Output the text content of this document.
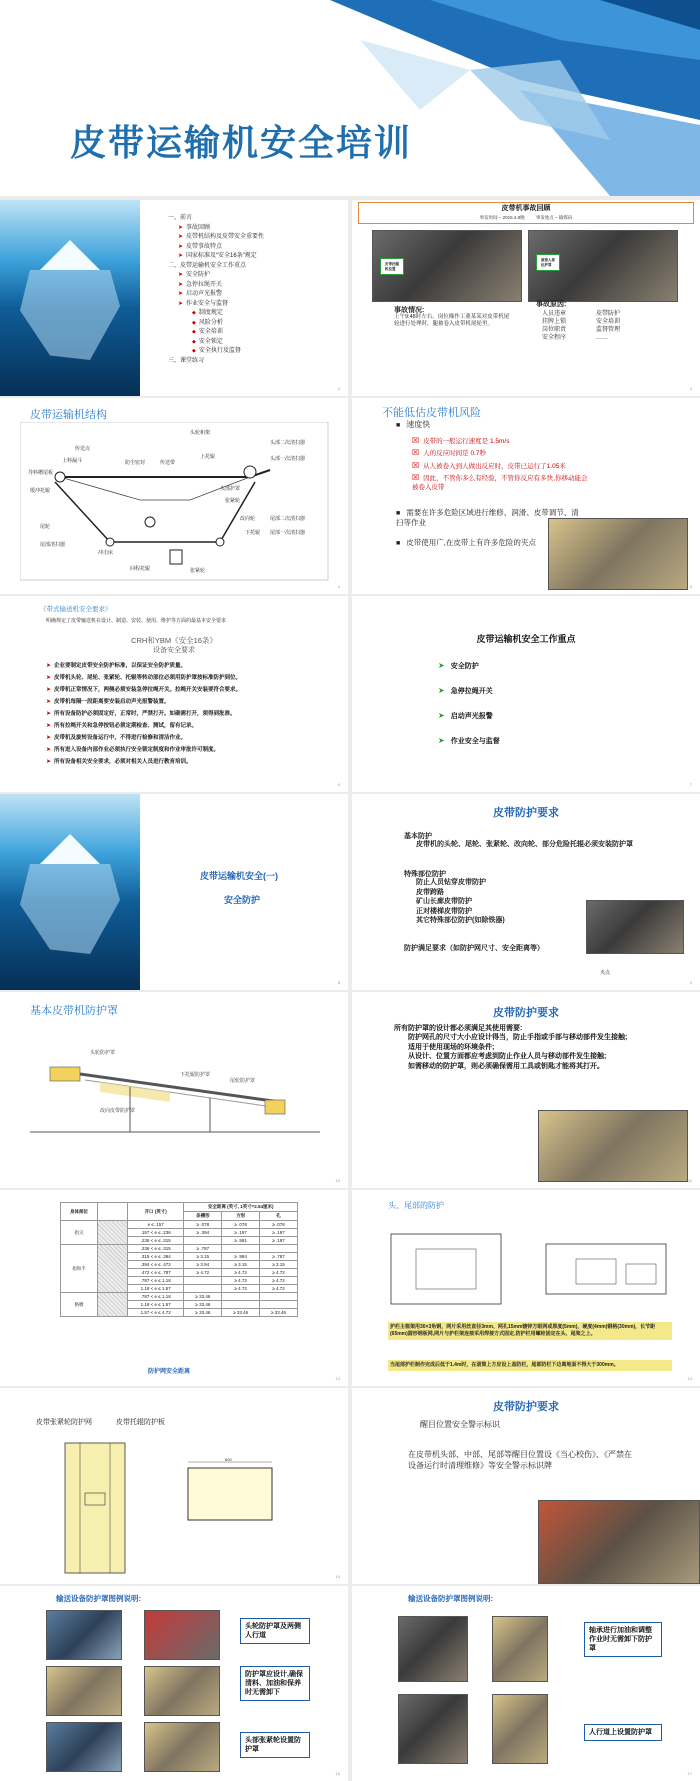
皮带运输机安全培训
一、前言
➤ 事故回顾
➤ 皮带机结构及皮带安全重要性
➤ 皮带事故特点
➤ 国家标准及“安全16条”规定
二、皮带运输机安全工作重点
➤ 安全防护
➤ 急停拉绳开关
➤ 启动声光报警
➤ 作业安全与监督
◆ 制度规定
◆ 风险分析
◆ 安全培训
◆ 安全锁定
◆ 安全执行及监督
三、课堂练习
2
皮带机事故回顾
事发时间 – 2015.4.8晚	事发地点 – 输煤码
皮带托辊机位置
被卷入部位护罩
事故情况:
上午9:48时左右，岗位操作工董某某对皮带机尾轮进行处理时，腿被卷入皮带机尾轮里。
事故原因:
人员违章
挂牌上锁
岗位职责
安全程序
皮带防护
安全培训
监督管理
……
3
皮带运输机结构
传送点
头轮和架
头部二次清扫器
头部一次清扫器
上料漏斗
导料槽尾板
缓冲托辊
防尘密封	传送带
上托辊
头部护罩
张紧轮
改向轮
下托辊
尾轮
尾部二次清扫器
尾部一次清扫器
冲击床
回程托辊	张紧轮
尾部清扫器
4
不能低估皮带机风险
■ 速度快
☒ 皮带的一般运行速度是 1.5m/s
☒ 人的反应时间是 0.7秒
☒ 从人被卷入到人做出反应时，皮带已运行了1.05米
☒ 因此，不管你多么有经验，不管你反应有多快,你移动能会被卷入皮带
■ 需要在许多危险区域进行维修、润滑、皮带调节、清扫等作业
■ 皮带使用广,在皮带上有许多危险的夹点
5
《带式输送机安全要求》
明确规定了皮带输送机在设计、制造、安装、使用、维护等方面的最基本安全要求
CRH和YBM《安全16条》
设备安全要求
➤ 企业要制定皮带安全防护标准，以保证安全防护质量。
➤ 皮带机头轮、尾轮、张紧轮、托辊等转动部位必须用防护罩按标准防护到位。
➤ 皮带机正常情况下，两侧必须安装急停拉绳开关。拉绳开关安装要符合要求。
➤ 皮带机每隔一段距离要安装启动声光报警装置。
➤ 所有设备防护必须固定好，正常时，严禁打开。如确需打开，须得到批准。
➤ 所有拉绳开关和急停按钮必须定期检查、测试，留有记录。
➤ 皮带机及旋转设备运行中，不得进行检修和清洁作业。
➤ 所有进入设备内部作业必须执行安全锁定制度和作业审批许可制度。
➤ 所有设备相关安全要求，必须对相关人员进行教育培训。
6
皮带运输机安全工作重点
➤ 安全防护
➤ 急停拉绳开关
➤ 启动声光报警
➤ 作业安全与监督
7
皮带运输机安全(一)
安全防护
8
皮带防护要求
基本防护
皮带机的头轮、尾轮、张紧轮、改向轮、部分危险托辊必须安装防护罩
特殊部位防护
防止人员钻穿皮带防护
皮带跨路
矿山长廊皮带防护
正对楼梯皮带防护
其它特殊部位防护(如除铁器)
防护满足要求（如防护网尺寸、安全距离等）
夹点
9
基本皮带机防护罩
头轮防护罩
下托辊防护罩
尾轮防护罩
改向皮带防护罩
10
皮带防护要求
所有防护罩的设计都必须满足其使用需要:
防护网孔的尺寸大小应设计得当，防止手指或手部与移动部件发生接触;
适用于使用现场的环境条件;
从设计、位置方面都应考虑到防止作业人员与移动部件发生接触;
如需移动的防护罩，则必须确保需用工具或钥匙才能将其打开。
11
身体部位		开口 (英寸)	安全距离 (英寸, 1英寸=2.54厘米)		
			条槽形	方形	孔
指尖		e ≤ .157	≥ .078	≥ .078	≥ .078
		.157 < e ≤ .236	≥ .394	≥ .197	≥ .197
		.236 < e ≤ .315		≥ .591	≥ .197
指和手		.236 < e ≤ .315	≥ .787		
		.315 < e ≤ .394	≥ 3.15	≥ .984	≥ .787
		.394 < e ≤ .472	≥ 3.94	≥ 3.15	≥ 3.15
		.472 < e ≤ .787	≥ 4.72	≥ 4.72	≥ 4.72
		.787 < e ≤ 1.18		≥ 4.72	≥ 4.72
		1.18 < e ≤ 1.57		≥ 4.72	≥ 4.72
胳膊		.787 < e ≤ 1.18	≥ 33.46		
		1.18 < e ≤ 1.57	≥ 33.46		
		1.57 < e ≤ 4.72	≥ 33.46	≥ 33.46	≥ 33.46
防护网安全距离
12
头、尾部的防护
护栏主框架用30×3角钢，网片采用丝直径3mm、网孔15mm镀锌方眼网或厚度(5mm)，硬度(4mm)钢格(30mm)，长节距(65mm)圆形钢板网,网片与护栏架连接采用焊接方式固定,防护栏用螺栓固定在头、尾架之上。
当尾部护栏制作完成后低于1.4m时，在滚筒上方应设上盖防栏，尾部防栏下边离地面不得大于300mm。
13
皮带张紧轮防护网	皮带托辊防护板
600
14
皮带防护要求
醒目位置安全警示标识
在皮带机头部、中部、尾部等醒目位置设《当心校伤》、《严禁在设备运行时清理维修》等安全警示标识牌
15
输送设备防护罩图例说明:
头轮防护罩及两侧人行道
防护罩应设计,确保清料、加油和保养时无需卸下
头部张紧轮设置防护罩
16
输送设备防护罩图例说明:
轴承进行加油和调整作业时无需卸下防护罩
人行道上设置防护罩
17
